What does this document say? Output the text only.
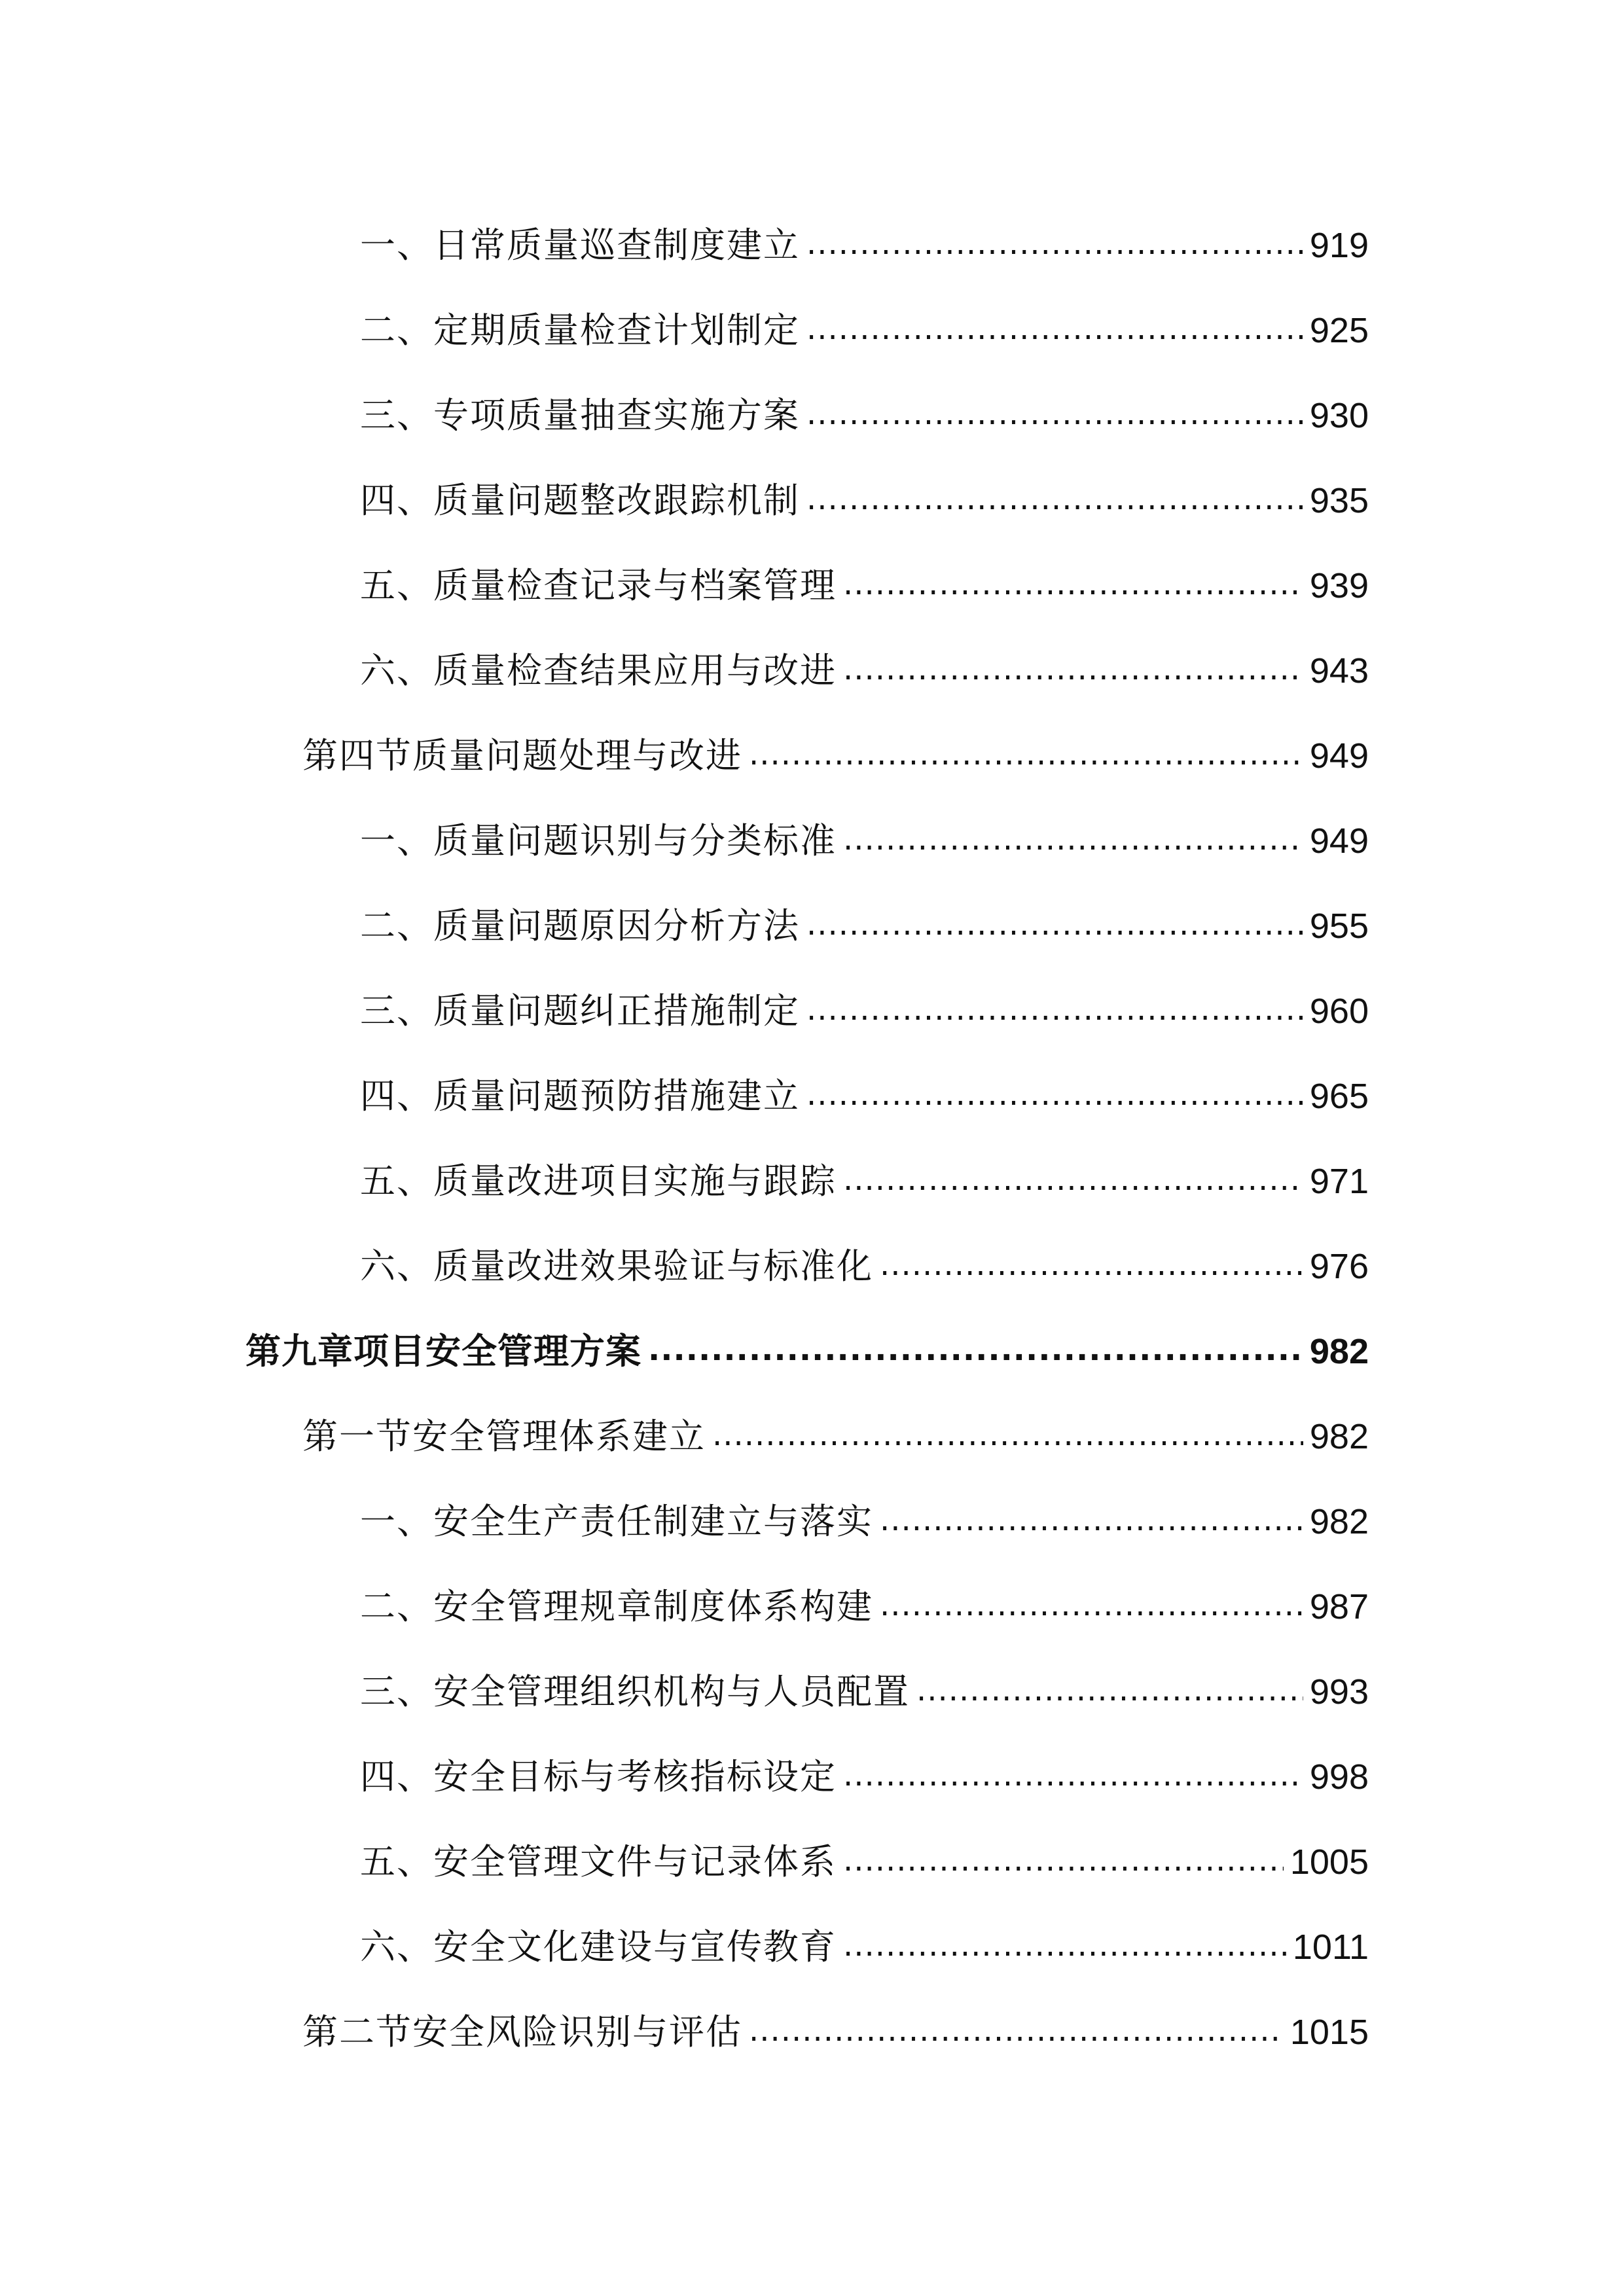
一、日常质量巡查制度建立 .....	919
二、定期质量检查计划制定 .....	925
三、专项质量抽查实施方案 .....	930
四、质量问题整改跟踪机制 .....	935
五、质量检查记录与档案管理 .....	939
六、质量检查结果应用与改进 .....	943
第四节质量问题处理与改进 .....	949
一、质量问题识别与分类标准 .....	949
二、质量问题原因分析方法 .....	955
三、质量问题纠正措施制定 .....	960
四、质量问题预防措施建立 .....	965
五、质量改进项目实施与跟踪 .....	971
六、质量改进效果验证与标准化 .....	976
第九章项目安全管理方案 .....	982
第一节安全管理体系建立 .....	982
一、安全生产责任制建立与落实 .....	982
二、安全管理规章制度体系构建 .....	987
三、安全管理组织机构与人员配置 .....	993
四、安全目标与考核指标设定 .....	998
五、安全管理文件与记录体系 .....	1005
六、安全文化建设与宣传教育 .....	1011
第二节安全风险识别与评估 .....	1015
